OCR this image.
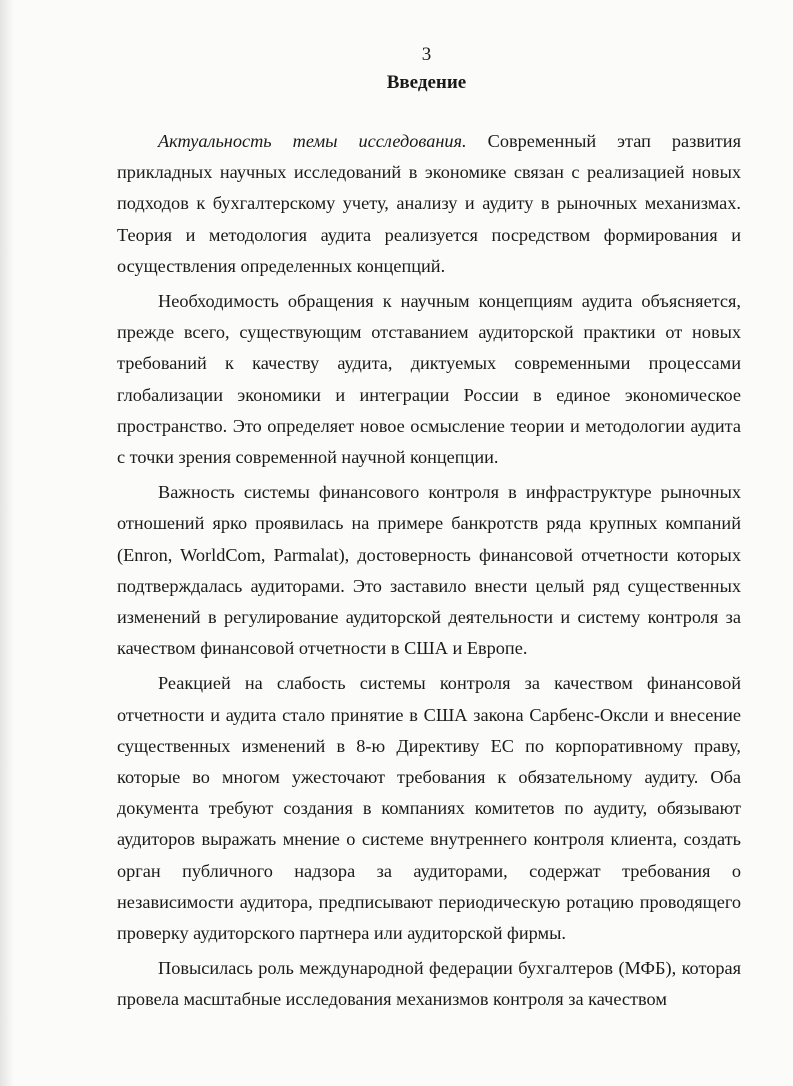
3
Введение

Актуальность темы исследования. Современный этап развития прикладных научных исследований в экономике связан с реализацией новых подходов к бухгалтерскому учету, анализу и аудиту в рыночных механизмах. Теория и методология аудита реализуется посредством формирования и осуществления определенных концепций.

Необходимость обращения к научным концепциям аудита объясняется, прежде всего, существующим отставанием аудиторской практики от новых требований к качеству аудита, диктуемых современными процессами глобализации экономики и интеграции России в единое экономическое пространство. Это определяет новое осмысление теории и методологии аудита с точки зрения современной научной концепции.

Важность системы финансового контроля в инфраструктуре рыночных отношений ярко проявилась на примере банкротств ряда крупных компаний (Enron, WorldCom, Parmalat), достоверность финансовой отчетности которых подтверждалась аудиторами. Это заставило внести целый ряд существенных изменений в регулирование аудиторской деятельности и систему контроля за качеством финансовой отчетности в США и Европе.

Реакцией на слабость системы контроля за качеством финансовой отчетности и аудита стало принятие в США закона Сарбенс-Оксли и внесение существенных изменений в 8-ю Директиву ЕС по корпоративному праву, которые во многом ужесточают требования к обязательному аудиту. Оба документа требуют создания в компаниях комитетов по аудиту, обязывают аудиторов выражать мнение о системе внутреннего контроля клиента, создать орган публичного надзора за аудиторами, содержат требования о независимости аудитора, предписывают периодическую ротацию проводящего проверку аудиторского партнера или аудиторской фирмы.

Повысилась роль международной федерации бухгалтеров (МФБ), которая провела масштабные исследования механизмов контроля за качеством
